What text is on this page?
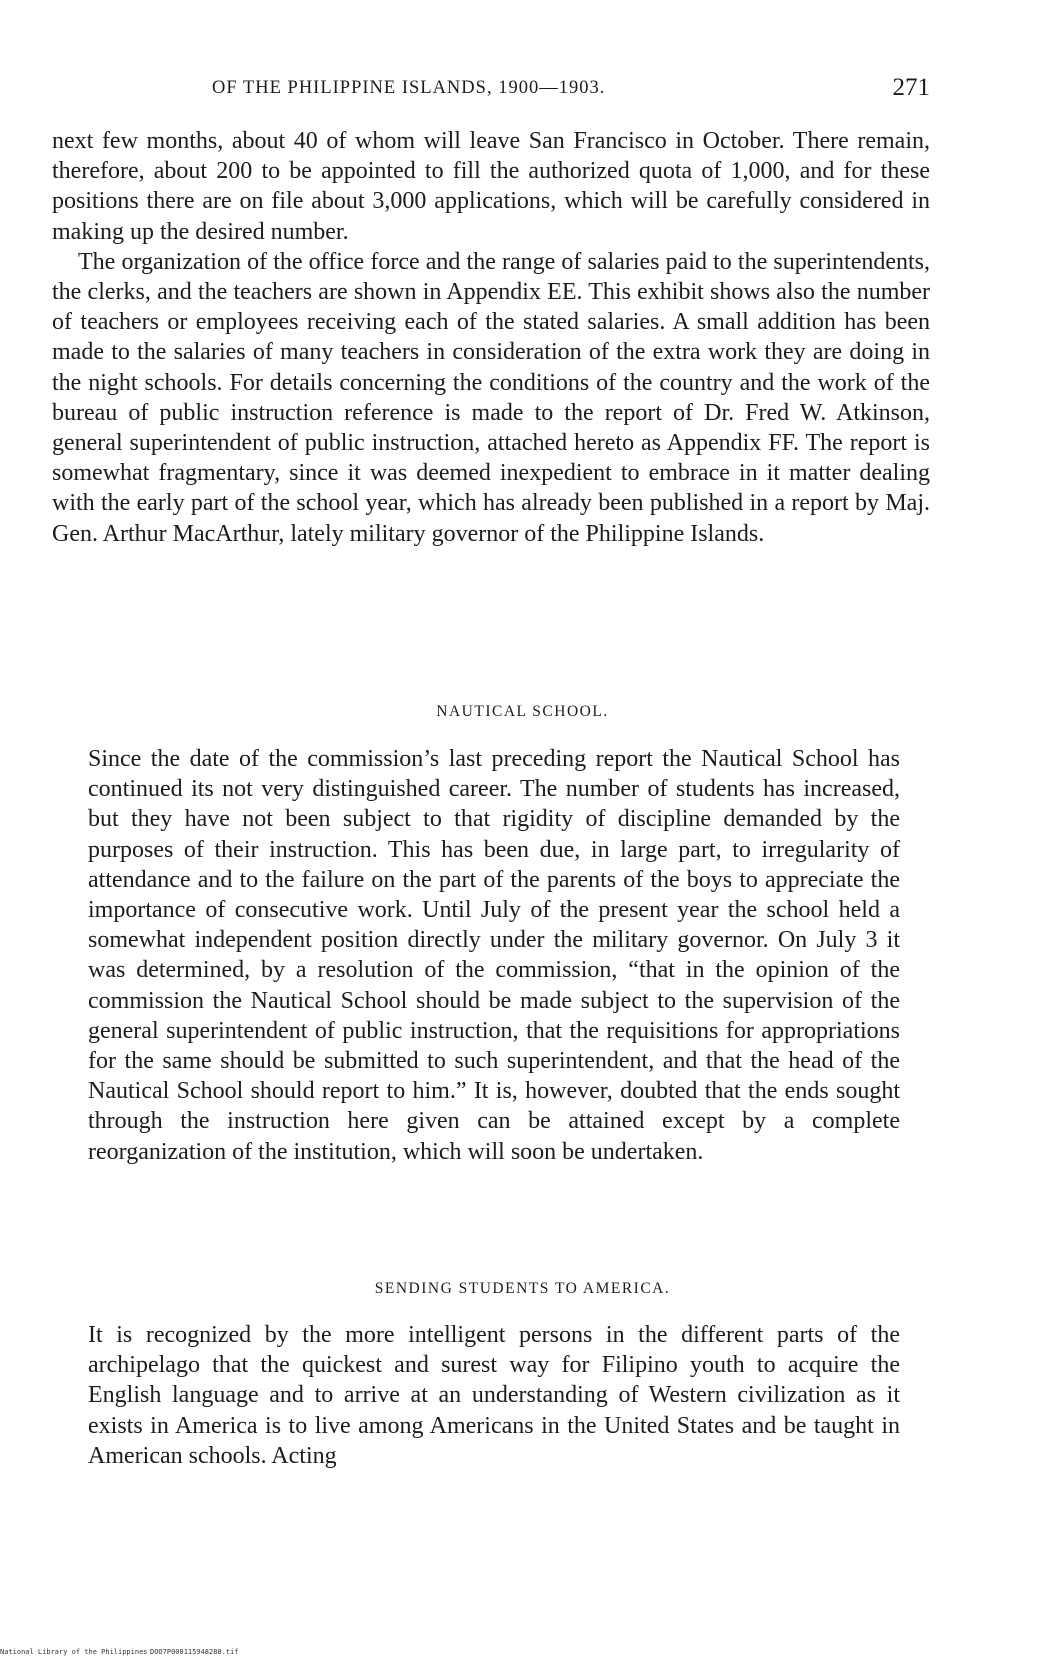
OF THE PHILIPPINE ISLANDS, 1900—1903.	271

next few months, about 40 of whom will leave San Francisco in October. There remain, therefore, about 200 to be appointed to fill the authorized quota of 1,000, and for these positions there are on file about 3,000 applications, which will be carefully considered in making up the desired number.

The organization of the office force and the range of salaries paid to the superintendents, the clerks, and the teachers are shown in Appendix EE. This exhibit shows also the number of teachers or employees receiving each of the stated salaries. A small addition has been made to the salaries of many teachers in consideration of the extra work they are doing in the night schools. For details concerning the conditions of the country and the work of the bureau of public instruction reference is made to the report of Dr. Fred W. Atkinson, general superintendent of public instruction, attached hereto as Appendix FF. The report is somewhat fragmentary, since it was deemed inexpedient to embrace in it matter dealing with the early part of the school year, which has already been published in a report by Maj. Gen. Arthur MacArthur, lately military governor of the Philippine Islands.

NAUTICAL SCHOOL.

Since the date of the commission’s last preceding report the Nautical School has continued its not very distinguished career. The number of students has increased, but they have not been subject to that rigidity of discipline demanded by the purposes of their instruction. This has been due, in large part, to irregularity of attendance and to the failure on the part of the parents of the boys to appreciate the importance of consecutive work. Until July of the present year the school held a somewhat independent position directly under the military governor. On July 3 it was determined, by a resolution of the commission, “that in the opinion of the commission the Nautical School should be made subject to the supervision of the general superintendent of public instruction, that the requisitions for appropriations for the same should be submitted to such superintendent, and that the head of the Nautical School should report to him.” It is, however, doubted that the ends sought through the instruction here given can be attained except by a complete reorganization of the institution, which will soon be undertaken.

SENDING STUDENTS TO AMERICA.

It is recognized by the more intelligent persons in the different parts of the archipelago that the quickest and surest way for Filipino youth to acquire the English language and to arrive at an understanding of Western civilization as it exists in America is to live among Americans in the United States and be taught in American schools. Acting

National Library of the Philippines DOO7P000115948288.tif
